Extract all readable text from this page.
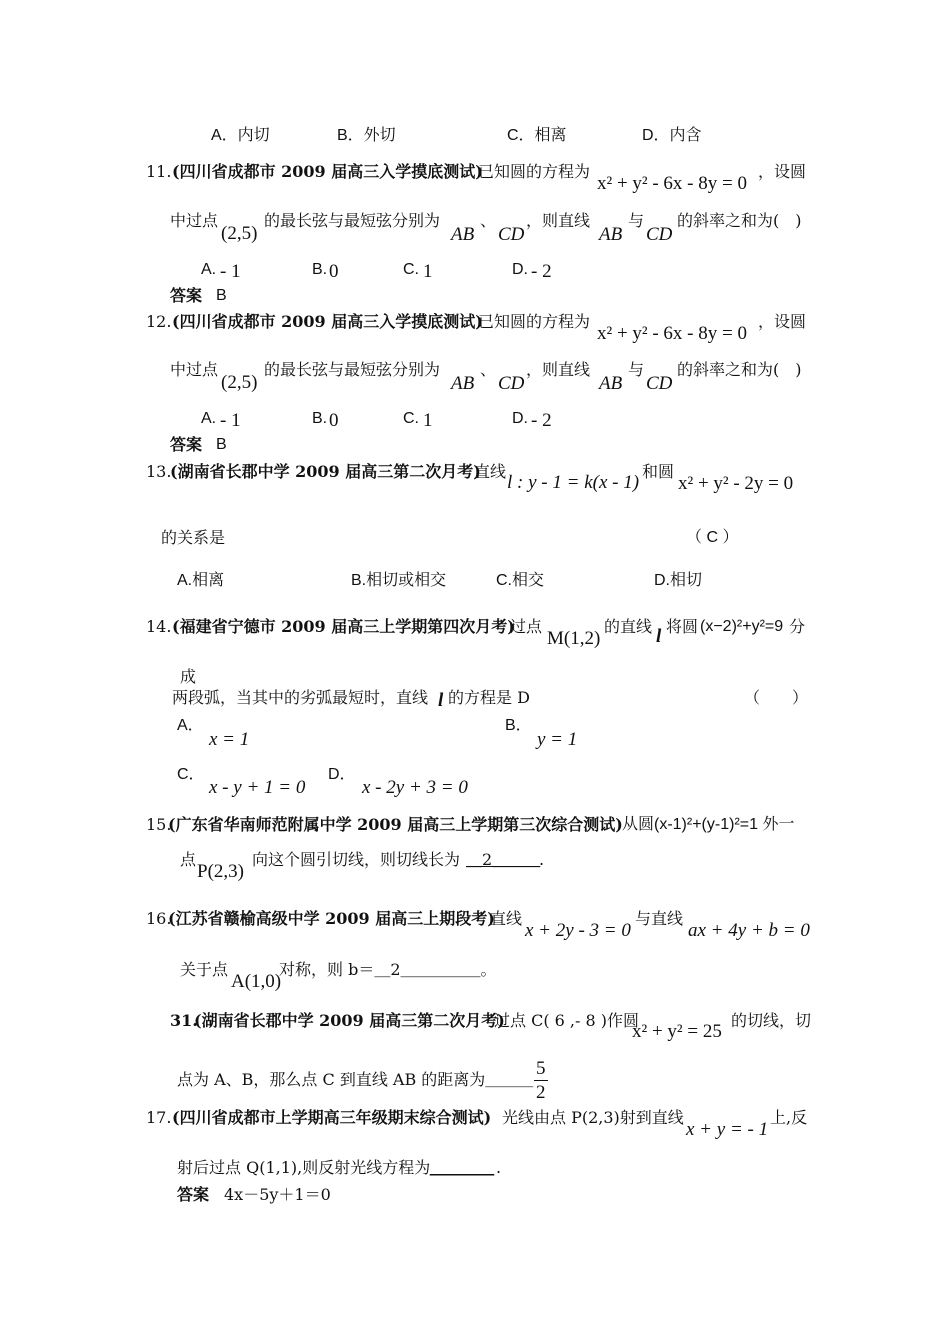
A．内切	B．外切	C．相离	D．内含
11. (四川省成都市 2009 届高三入学摸底测试)
已知圆的方程为
x² + y² - 6x - 8y = 0
，设圆
中过点
(2,5)
的最长弦与最短弦分别为
AB
、
CD
，则直线
AB
与
CD
的斜率之和为(　)
A. - 1	B. 0	C. 1	D. - 2
答案 B
12. (四川省成都市 2009 届高三入学摸底测试)
已知圆的方程为
x² + y² - 6x - 8y = 0
，设圆
中过点
(2,5)
的最长弦与最短弦分别为
AB
、
CD
，则直线
AB
与
CD
的斜率之和为(　)
A. - 1	B. 0	C. 1	D. - 2
答案 B
13.
(湖南省长郡中学 2009 届高三第二次月考)
直线
l : y - 1 = k(x - 1)
和圆
x² + y² - 2y = 0
的关系是	（ C ）
A.相离	B.相切或相交	C.相交	D.相切
14. (福建省宁德市 2009 届高三上学期第四次月考)
过点
M(1,2)
的直线 l 将圆 (x−2)²+y²=9 分
成
两段弧，当其中的劣弧最短时，直线 l 的方程是 D	（　　）
A．
x = 1
B．
y = 1
C．
x - y + 1 = 0
D．
x - 2y + 3 = 0
15.
(广东省华南师范附属中学 2009 届高三上学期第三次综合测试) 从圆(x-1)²+(y-1)²=1 外一
点
P(2,3)
向这个圆引切线，则切线长为 ＿2＿＿＿
.
16.
(江苏省赣榆高级中学 2009 届高三上期段考)
直线
x + 2y - 3 = 0
与直线
ax + 4y + b = 0
关于点
A(1,0)
对称，则 b＝＿2＿＿＿＿＿。
31.
(湖南省长郡中学 2009 届高三第二次月考)
过点 C( 6 ,- 8 )作圆
x² + y² = 25
的切线，切
点为 A、B，那么点 C 到直线 AB 的距离为＿＿＿ $\frac{5}{2}$
17. (四川省成都市上学期高三年级期末综合测试) 光线由点 P(2,3)射到直线
x + y = - 1
上,反
射后过点 Q(1,1),则反射光线方程为 ＿＿＿＿ .
答案 4x－5y＋1＝0
